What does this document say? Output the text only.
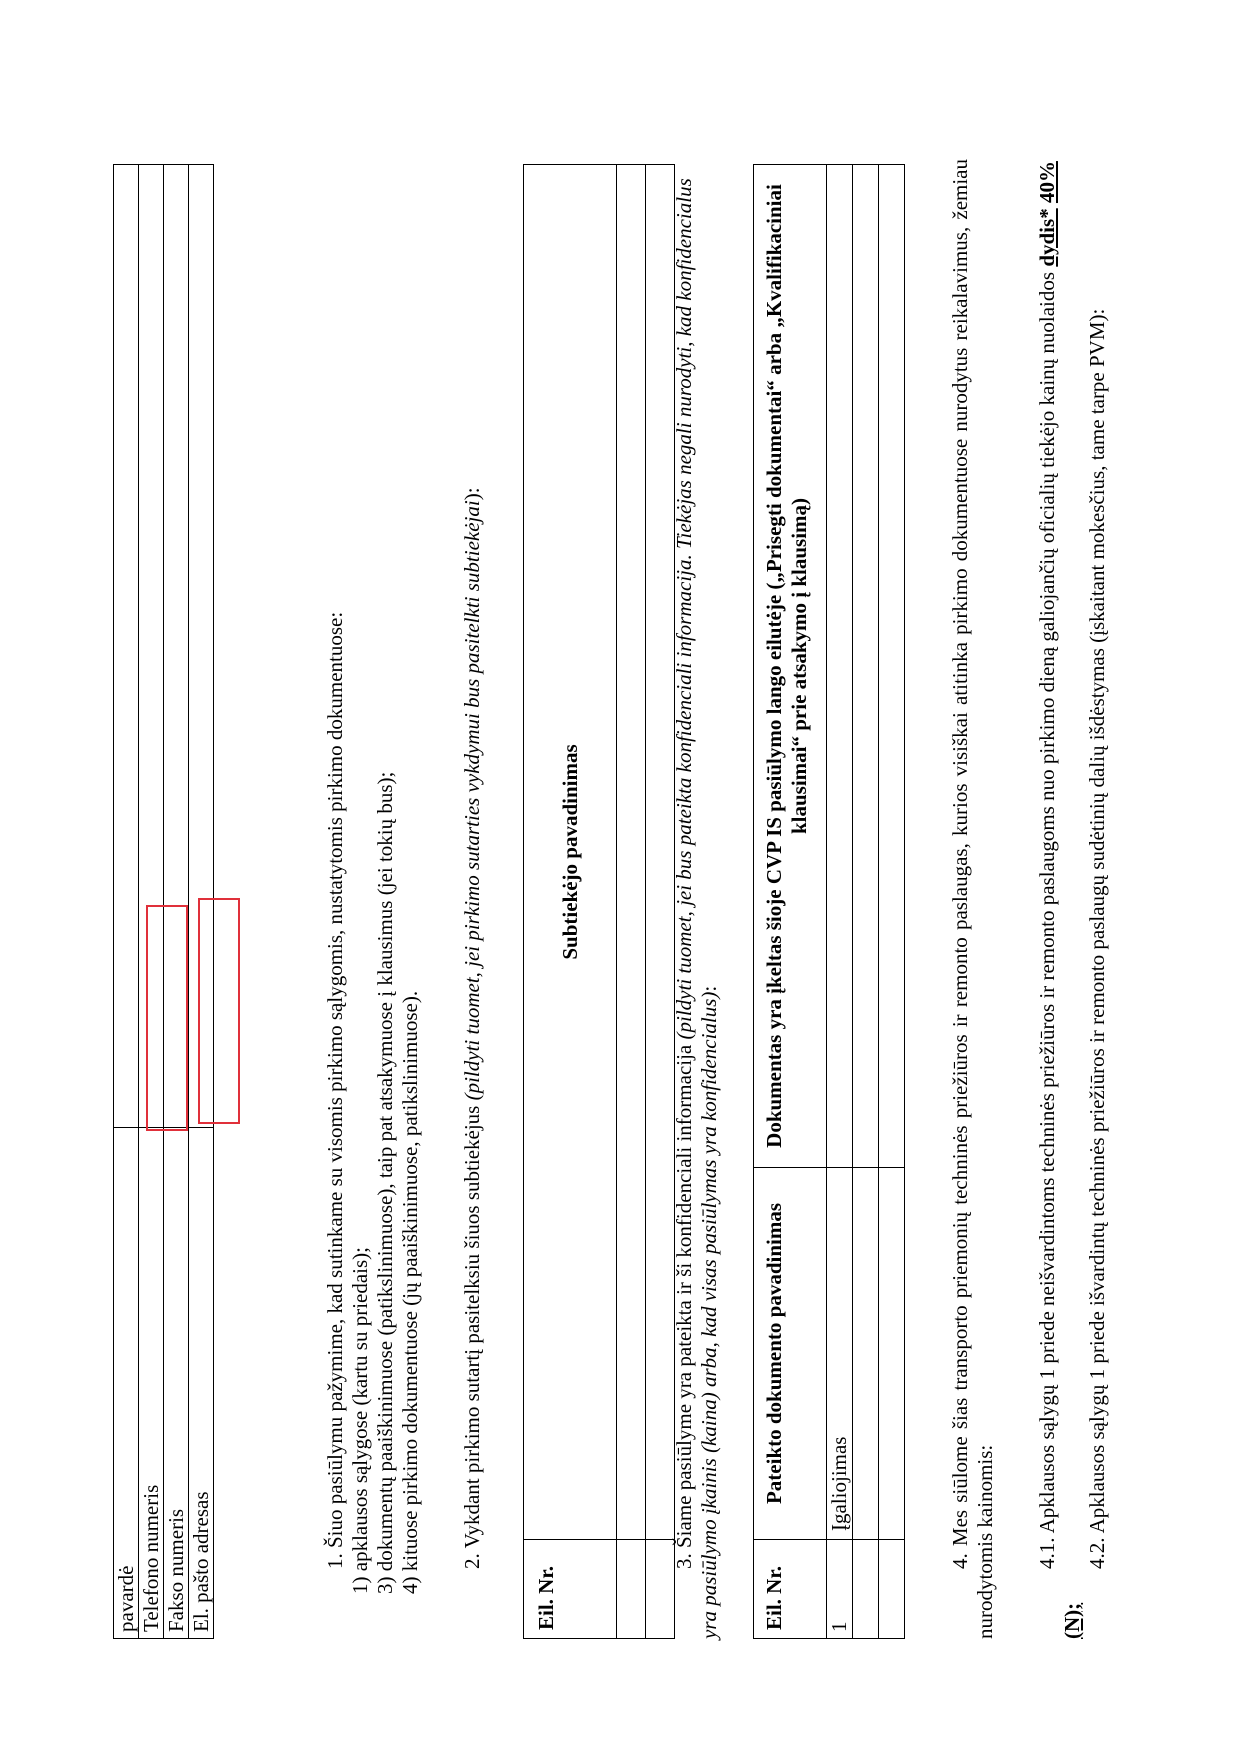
pavardė	
Telefono numeris	
Fakso numeris	
El. pašto adresas		1. Šiuo pasiūlymu pažymime, kad sutinkame su visomis pirkimo sąlygomis, nustatytomis pirkimo dokumentuose: 1) apklausos sąlygose (kartu su priedais); 3) dokumentų paaiškinimuose (patikslinimuose), taip pat atsakymuose į klausimus (jei tokių bus); 4) kituose pirkimo dokumentuose (jų paaiškinimuose, patikslinimuose). 2. Vykdant pirkimo sutartį pasitelksiu šiuos subtiekėjus (pildyti tuomet, jei pirkimo sutarties vykdymui bus pasitelkti subtiekėjai):
Eil. Nr.	Subtiekėjo pavadinimas

3. Šiame pasiūlyme yra pateikta ir ši konfidenciali informacija (pildyti tuomet, jei bus pateikta konfidenciali informacija. Tiekėjas negali nurodyti, kad konfidencialus yra pasiūlymo įkainis (kaina) arba, kad visas pasiūlymas yra konfidencialus):
Eil. Nr.	Pateikto dokumento pavadinimas	Dokumentas yra įkeltas šioje CVP IS pasiūlymo lango eilutėje („Prisegti dokumentai“ arba „Kvalifikaciniai klausimai“ prie atsakymo į klausimą)
1	Įgaliojimas	

			4. Mes siūlome šias transporto priemonių techninės priežiūros ir remonto paslaugas, kurios visiškai atitinka pirkimo dokumentuose nurodytus reikalavimus, žemiau nurodytomis kainomis: 4.1. Apklausos sąlygų 1 priede neišvardintoms techninės priežiūros ir remonto paslaugoms nuo pirkimo dieną galiojančių oficialių tiekėjo kainų nuolaidos dydis* 40% (N);
4.2. Apklausos sąlygų 1 priede išvardintų techninės priežiūros ir remonto paslaugų sudėtinių dalių išdėstymas (įskaitant mokesčius, tame tarpe PVM):
